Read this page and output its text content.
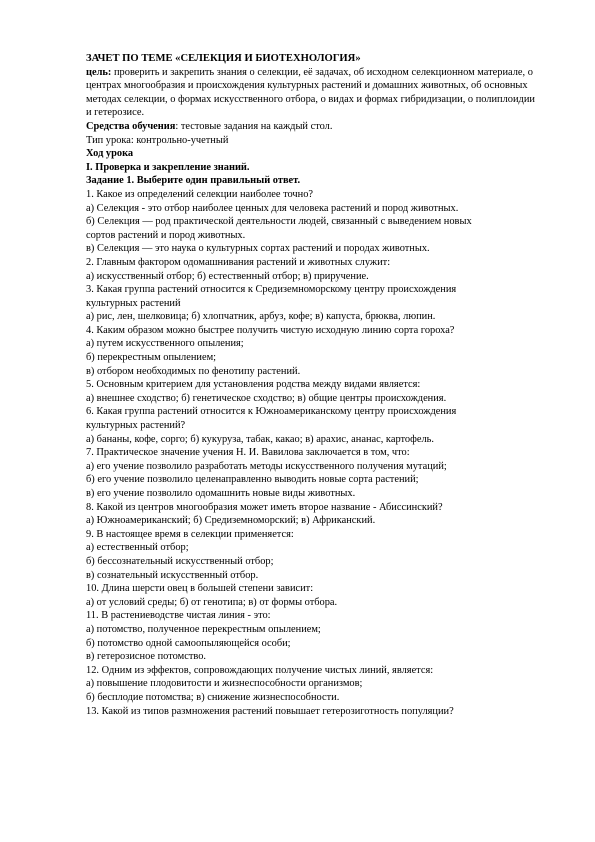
ЗАЧЕТ ПО ТЕМЕ «СЕЛЕКЦИЯ И БИОТЕХНОЛОГИЯ»
цель: проверить и закрепить знания о селекции, её задачах, об исходном селекционном материале, о центрах многообразия и происхождения культурных растений и домашних животных, об основных методах селекции, о формах искусственного отбора, о видах и формах гибридизации, о полиплоидии и гетерозисе.
Средства обучения: тестовые задания на каждый стол.
Тип урока: контрольно-учетный
Ход урока
I. Проверка и закрепление знаний.
Задание 1. Выберите один правильный ответ.
1. Какое из определений селекции наиболее точно?
а) Селекция - это отбор наиболее ценных для человека растений и пород животных.
б) Селекция — род практической деятельности людей, связанный с выведением новых
сортов растений и пород животных.
в) Селекция — это наука о культурных сортах растений и породах животных.
2. Главным фактором одомашнивания растений и животных служит:
а) искусственный отбор; б) естественный отбор; в) приручение.
3. Какая группа растений относится к Средиземноморскому центру происхождения
культурных растений
а) рис, лен, шелковица; б) хлопчатник, арбуз, кофе; в) капуста, брюква, люпин.
4. Каким образом можно быстрее получить чистую исходную линию сорта гороха?
а) путем искусственного опыления;
б) перекрестным опылением;
в) отбором необходимых по фенотипу растений.
5. Основным критерием для установления родства между видами является:
а) внешнее сходство; б) генетическое сходство; в) общие центры происхождения.
6. Какая группа растений относится к Южноамериканскому центру происхождения
культурных растений?
а) бананы, кофе, сорго; б) кукуруза, табак, какао; в) арахис, ананас, картофель.
7. Практическое значение учения Н. И. Вавилова заключается в том, что:
а) его учение позволило разработать методы искусственного получения мутаций;
б) его учение позволило целенаправленно выводить новые сорта растений;
в) его учение позволило одомашнить новые виды животных.
8. Какой из центров многообразия может иметь второе название - Абиссинский?
а) Южноамериканский; б) Средиземноморский; в) Африканский.
9. В настоящее время в селекции применяется:
а) естественный отбор;
б) бессознательный искусственный отбор;
в) сознательный искусственный отбор.
10. Длина шерсти овец в большей степени зависит:
а) от условий среды; б) от генотипа; в) от формы отбора.
11. В растениеводстве чистая линия - это:
а) потомство, полученное перекрестным опылением;
б) потомство одной самоопыляющейся особи;
в) гетерозисное потомство.
12. Одним из эффектов, сопровождающих получение чистых линий, является:
а) повышение плодовитости и жизнеспособности организмов;
б) бесплодие потомства; в) снижение жизнеспособности.
13. Какой из типов размножения растений повышает гетерозиготность популяции?
